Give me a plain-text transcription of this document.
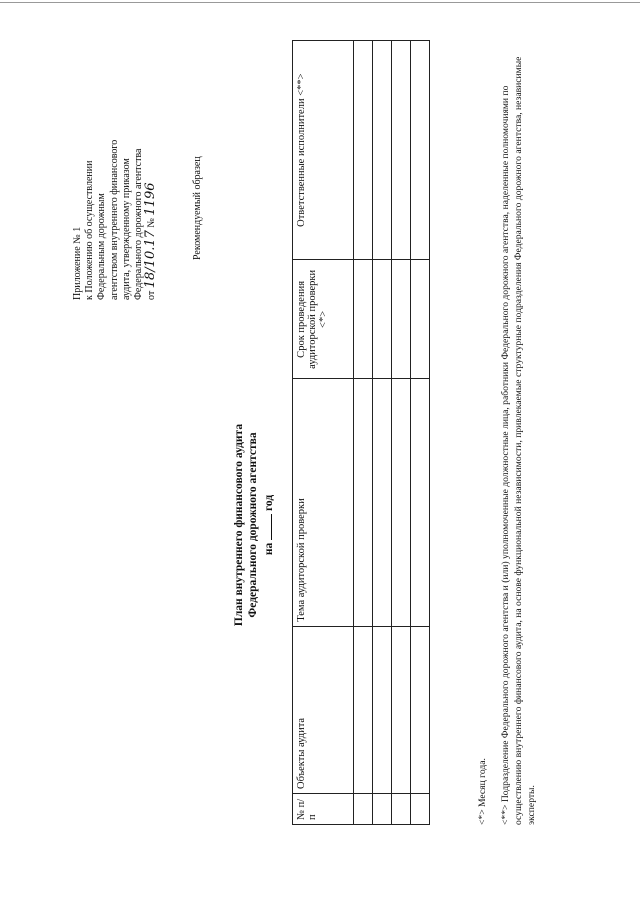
Приложение № 1 к Положению об осуществлении Федеральным дорожным агентством внутреннего финансового аудита, утвержденному приказом Федерального дорожного агентства от 18/10.17 № 1196	Рекомендуемый образец
План внутреннего финансового аудита Федерального дорожного агентства на  год
№ п/п	Объекты аудита	Тема аудиторской проверки	Срок проведения аудиторской проверки <*>	Ответственные исполнители <**>

<*> Месяц года. <**> Подразделение Федерального дорожного агентства и (или) уполномоченные должностные лица, работники Федерального дорожного агентства, наделенные полномочиями по осуществлению внутреннего финансового аудита, на основе функциональной независимости, привлекаемые структурные подразделения Федерального дорожного агентства, независимые эксперты.
